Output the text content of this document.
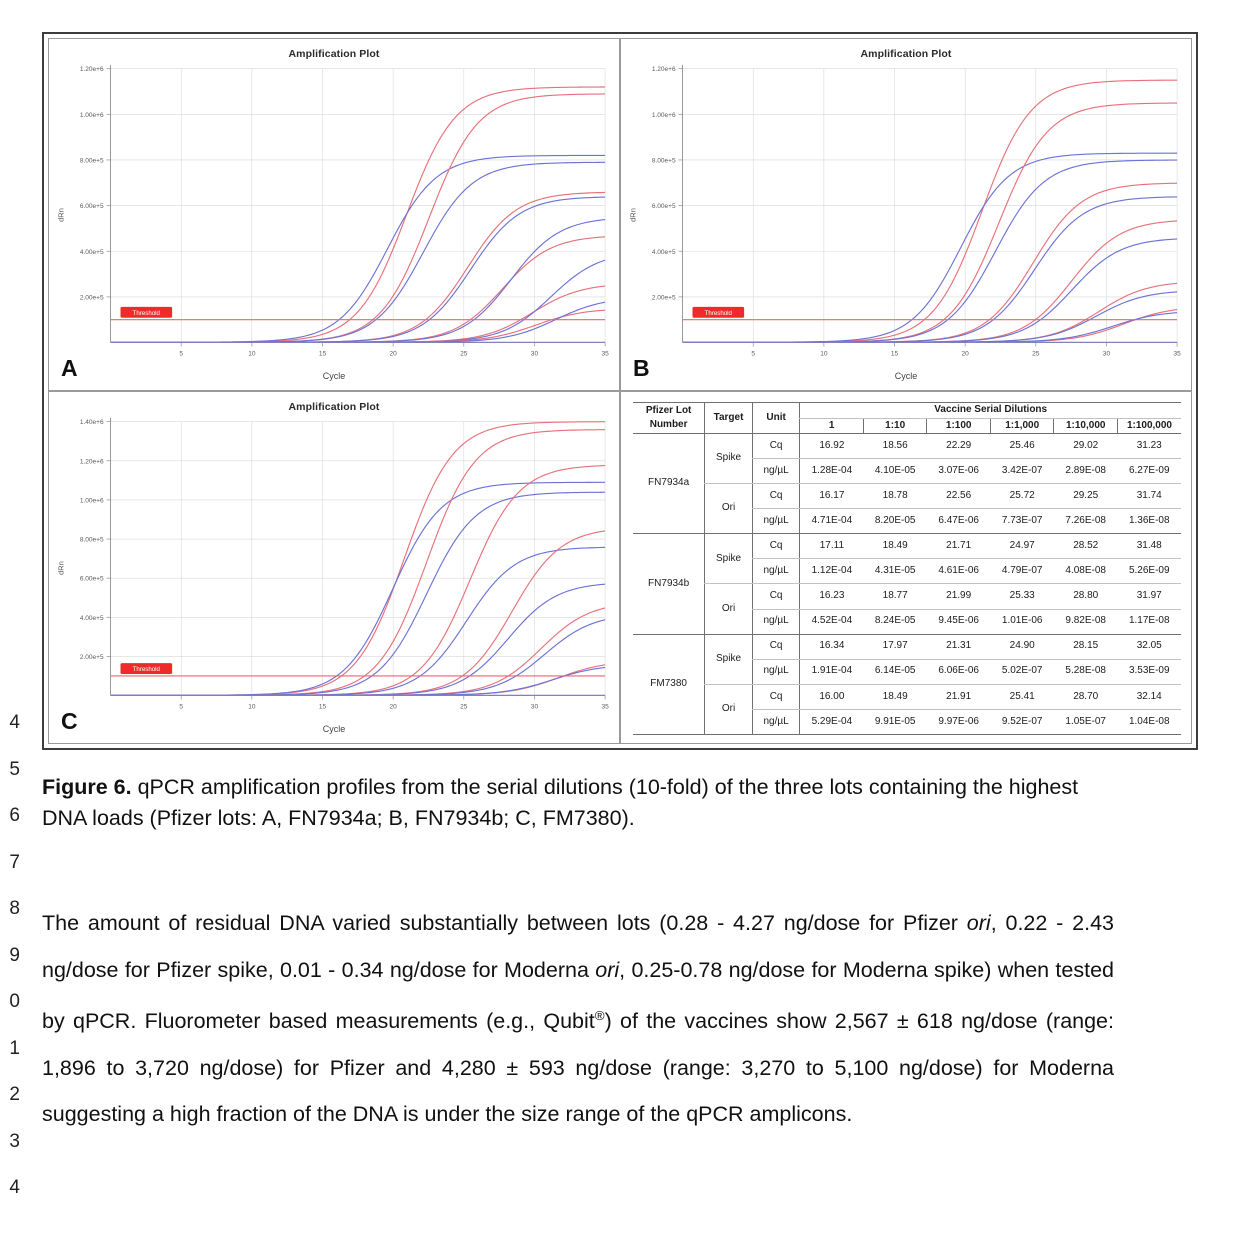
4
5
6
7
8
9
0
1
2
3
4
Amplification Plot
2.00e+5
4.00e+5
6.00e+5
8.00e+5
1.00e+6
1.20e+6
5	10	15	20	25	30	35
Threshold
dRn
Cycle
A
Amplification Plot
2.00e+5
4.00e+5
6.00e+5
8.00e+5
1.00e+6
1.20e+6
5	10	15	20	25	30	35
Threshold
dRn
Cycle
B
Amplification Plot
2.00e+5
4.00e+5
6.00e+5
8.00e+5
1.00e+6
1.20e+6
1.40e+6
5	10	15	20	25	30	35
Threshold
dRn
Cycle
C
Pfizer Lot
Number	Target	Unit	Vaccine Serial Dilutions					
			1	1:10	1:100	1:1,000	1:10,000	1:100,000
FN7934a	Spike	Cq	16.92	18.56	22.29	25.46	29.02	31.23
		ng/µL	1.28E-04	4.10E-05	3.07E-06	3.42E-07	2.89E-08	6.27E-09
	Ori	Cq	16.17	18.78	22.56	25.72	29.25	31.74
		ng/µL	4.71E-04	8.20E-05	6.47E-06	7.73E-07	7.26E-08	1.36E-08
FN7934b	Spike	Cq	17.11	18.49	21.71	24.97	28.52	31.48
		ng/µL	1.12E-04	4.31E-05	4.61E-06	4.79E-07	4.08E-08	5.26E-09
	Ori	Cq	16.23	18.77	21.99	25.33	28.80	31.97
		ng/µL	4.52E-04	8.24E-05	9.45E-06	1.01E-06	9.82E-08	1.17E-08
FM7380	Spike	Cq	16.34	17.97	21.31	24.90	28.15	32.05
		ng/µL	1.91E-04	6.14E-05	6.06E-06	5.02E-07	5.28E-08	3.53E-09
	Ori	Cq	16.00	18.49	21.91	25.41	28.70	32.14
		ng/µL	5.29E-04	9.91E-05	9.97E-06	9.52E-07	1.05E-07	1.04E-08
Figure 6. qPCR amplification profiles from the serial dilutions (10-fold) of the three lots containing the highest DNA loads (Pfizer lots: A, FN7934a; B, FN7934b; C, FM7380).
The amount of residual DNA varied substantially between lots (0.28 - 4.27 ng/dose for Pfizer ori, 0.22 - 2.43 ng/dose for Pfizer spike, 0.01 - 0.34 ng/dose for Moderna ori, 0.25-0.78 ng/dose for Moderna spike) when tested by qPCR. Fluorometer based measurements (e.g., Qubit®) of the vaccines show 2,567 ± 618 ng/dose (range: 1,896 to 3,720 ng/dose) for Pfizer and 4,280 ± 593 ng/dose (range: 3,270 to 5,100 ng/dose) for Moderna suggesting a high fraction of the DNA is under the size range of the qPCR amplicons.
